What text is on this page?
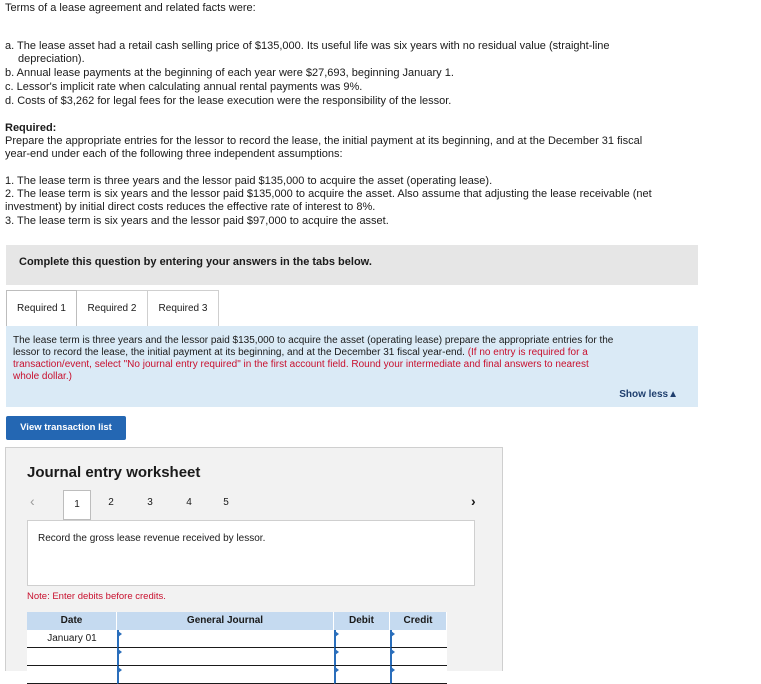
Terms of a lease agreement and related facts were:
a. The lease asset had a retail cash selling price of $135,000. Its useful life was six years with no residual value (straight-line
depreciation).
b. Annual lease payments at the beginning of each year were $27,693, beginning January 1.
c. Lessor's implicit rate when calculating annual rental payments was 9%.
d. Costs of $3,262 for legal fees for the lease execution were the responsibility of the lessor.
Required:
Prepare the appropriate entries for the lessor to record the lease, the initial payment at its beginning, and at the December 31 fiscal
year-end under each of the following three independent assumptions:
1. The lease term is three years and the lessor paid $135,000 to acquire the asset (operating lease).
2. The lease term is six years and the lessor paid $135,000 to acquire the asset. Also assume that adjusting the lease receivable (net
investment) by initial direct costs reduces the effective rate of interest to 8%.
3. The lease term is six years and the lessor paid $97,000 to acquire the asset.
Complete this question by entering your answers in the tabs below.
Required 1	Required 2	Required 3
The lease term is three years and the lessor paid $135,000 to acquire the asset (operating lease) prepare the appropriate entries for the
lessor to record the lease, the initial payment at its beginning, and at the December 31 fiscal year-end. (If no entry is required for a
transaction/event, select "No journal entry required" in the first account field. Round your intermediate and final answers to nearest
whole dollar.)
Show less▲
View transaction list
Journal entry worksheet
‹	1	2	3	4	5	›
Record the gross lease revenue received by lessor.
Note: Enter debits before credits.
Date	General Journal	Debit	Credit
January 01
